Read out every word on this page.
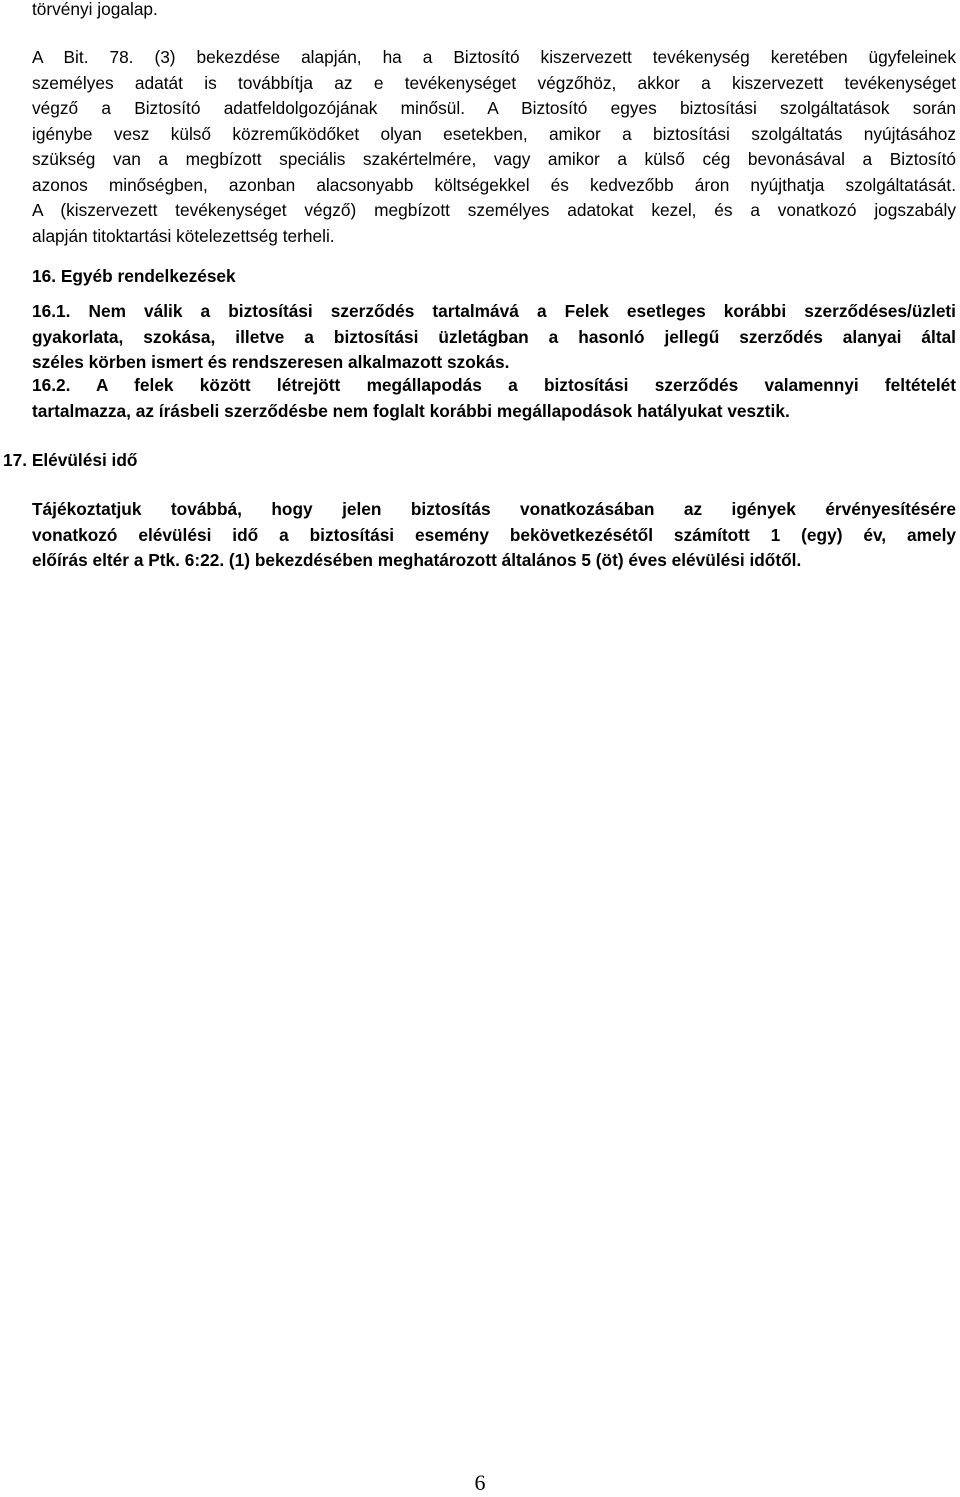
törvényi jogalap.
A Bit. 78. (3) bekezdése alapján, ha a Biztosító kiszervezett tevékenység keretében ügyfeleinek
személyes adatát is továbbítja az e tevékenységet végzőhöz, akkor a kiszervezett tevékenységet
végző a Biztosító adatfeldolgozójának minősül. A Biztosító egyes biztosítási szolgáltatások során
igénybe vesz külső közreműködőket olyan esetekben, amikor a biztosítási szolgáltatás nyújtásához
szükség van a megbízott speciális szakértelmére, vagy amikor a külső cég bevonásával a Biztosító
azonos minőségben, azonban alacsonyabb költségekkel és kedvezőbb áron nyújthatja szolgáltatását.
A (kiszervezett tevékenységet végző) megbízott személyes adatokat kezel, és a vonatkozó jogszabály
alapján titoktartási kötelezettség terheli.
16. Egyéb rendelkezések
16.1. Nem válik a biztosítási szerződés tartalmává a Felek esetleges korábbi szerződéses/üzleti
gyakorlata, szokása, illetve a biztosítási üzletágban a hasonló jellegű szerződés alanyai által
széles körben ismert és rendszeresen alkalmazott szokás.
16.2. A felek között létrejött megállapodás a biztosítási szerződés valamennyi feltételét
tartalmazza, az írásbeli szerződésbe nem foglalt korábbi megállapodások hatályukat vesztik.
17. Elévülési idő
Tájékoztatjuk továbbá, hogy jelen biztosítás vonatkozásában az igények érvényesítésére
vonatkozó elévülési idő a biztosítási esemény bekövetkezésétől számított 1 (egy) év, amely
előírás eltér a Ptk. 6:22. (1) bekezdésében meghatározott általános 5 (öt) éves elévülési időtől.
6
